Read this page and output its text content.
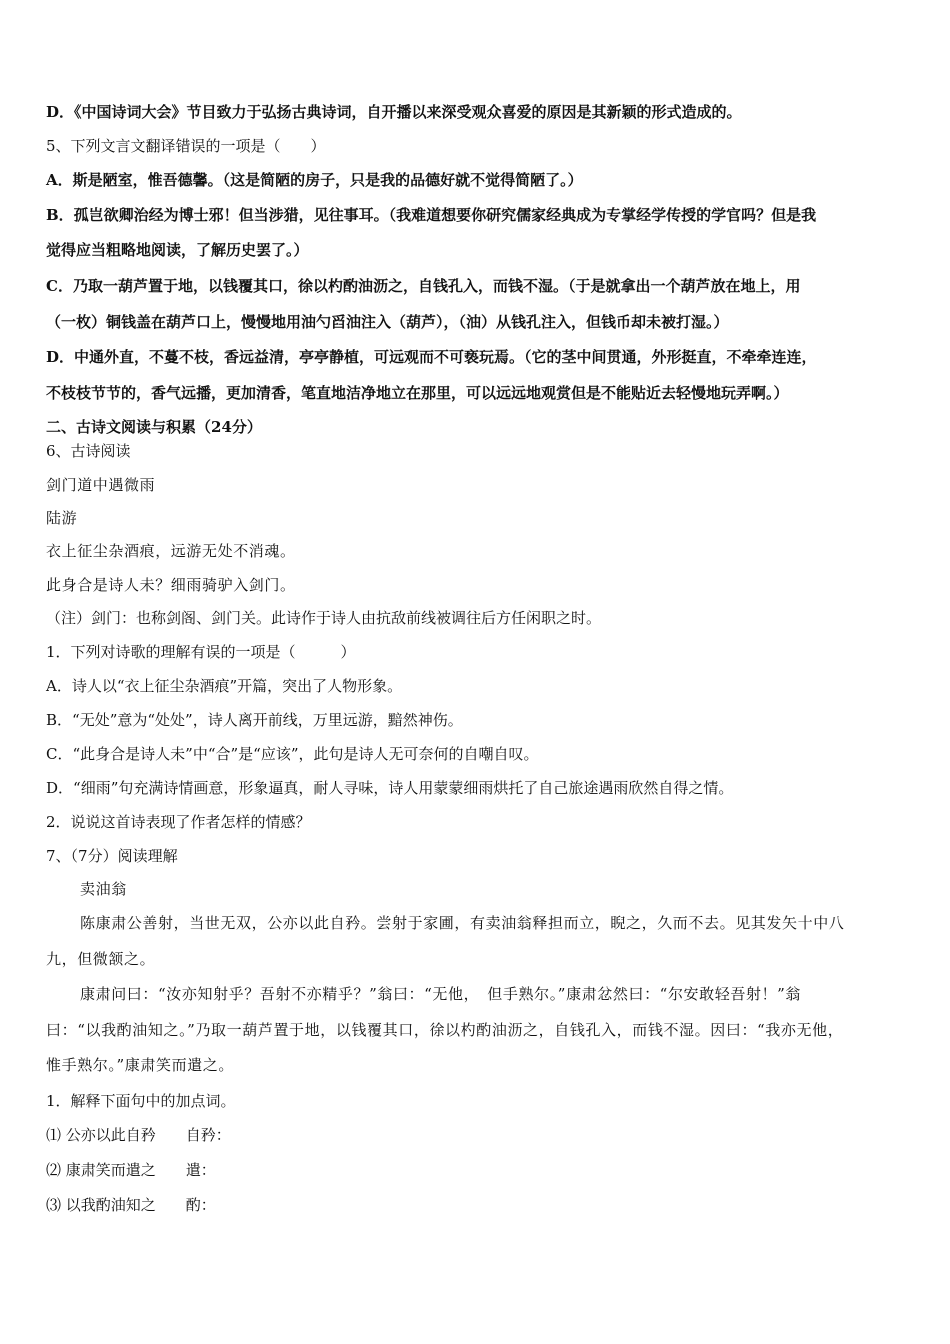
D．《中国诗词大会》节目致力于弘扬古典诗词，自开播以来深受观众喜爱的原因是其新颖的形式造成的。
5、下列文言文翻译错误的一项是（　　）
A．斯是陋室，惟吾德馨。（这是简陋的房子，只是我的品德好就不觉得简陋了。）
B．孤岂欲卿治经为博士邪！但当涉猎，见往事耳。（我难道想要你研究儒家经典成为专掌经学传授的学官吗？但是我
觉得应当粗略地阅读，了解历史罢了。）
C．乃取一葫芦置于地，以钱覆其口，徐以杓酌油沥之，自钱孔入，而钱不湿。（于是就拿出一个葫芦放在地上，用
（一枚）铜钱盖在葫芦口上，慢慢地用油勺舀油注入（葫芦），（油）从钱孔注入，但钱币却未被打湿。）
D．中通外直，不蔓不枝，香远益清，亭亭静植，可远观而不可亵玩焉。（它的茎中间贯通，外形挺直，不牵牵连连，
不枝枝节节的，香气远播，更加清香，笔直地洁净地立在那里，可以远远地观赏但是不能贴近去轻慢地玩弄啊。）
二、古诗文阅读与积累（24分）
6、古诗阅读
剑门道中遇微雨
陆游
衣上征尘杂酒痕，远游无处不消魂。
此身合是诗人未？细雨骑驴入剑门。
（注）剑门：也称剑阁、剑门关。此诗作于诗人由抗敌前线被调往后方任闲职之时。
1．下列对诗歌的理解有误的一项是（　　　）
A．诗人以“衣上征尘杂酒痕”开篇，突出了人物形象。
B．“无处”意为“处处”，诗人离开前线，万里远游，黯然神伤。
C．“此身合是诗人未”中“合”是“应该”，此句是诗人无可奈何的自嘲自叹。
D．“细雨”句充满诗情画意，形象逼真，耐人寻味，诗人用蒙蒙细雨烘托了自己旅途遇雨欣然自得之情。
2．说说这首诗表现了作者怎样的情感？
7、（7分）阅读理解
卖油翁
陈康肃公善射，当世无双，公亦以此自矜。尝射于家圃，有卖油翁释担而立，睨之，久而不去。见其发矢十中八
九，但微颔之。
康肃问曰：“汝亦知射乎？吾射不亦精乎？”翁曰：“无他，　但手熟尔。”康肃忿然曰：“尔安敢轻吾射！”翁
曰：“以我酌油知之。”乃取一葫芦置于地，以钱覆其口，徐以杓酌油沥之，自钱孔入，而钱不湿。因曰：“我亦无他，
惟手熟尔。”康肃笑而遣之。
1．解释下面句中的加点词。
⑴ 公亦以此自矜　　自矜：
⑵ 康肃笑而遣之　　遣：
⑶ 以我酌油知之　　酌：
